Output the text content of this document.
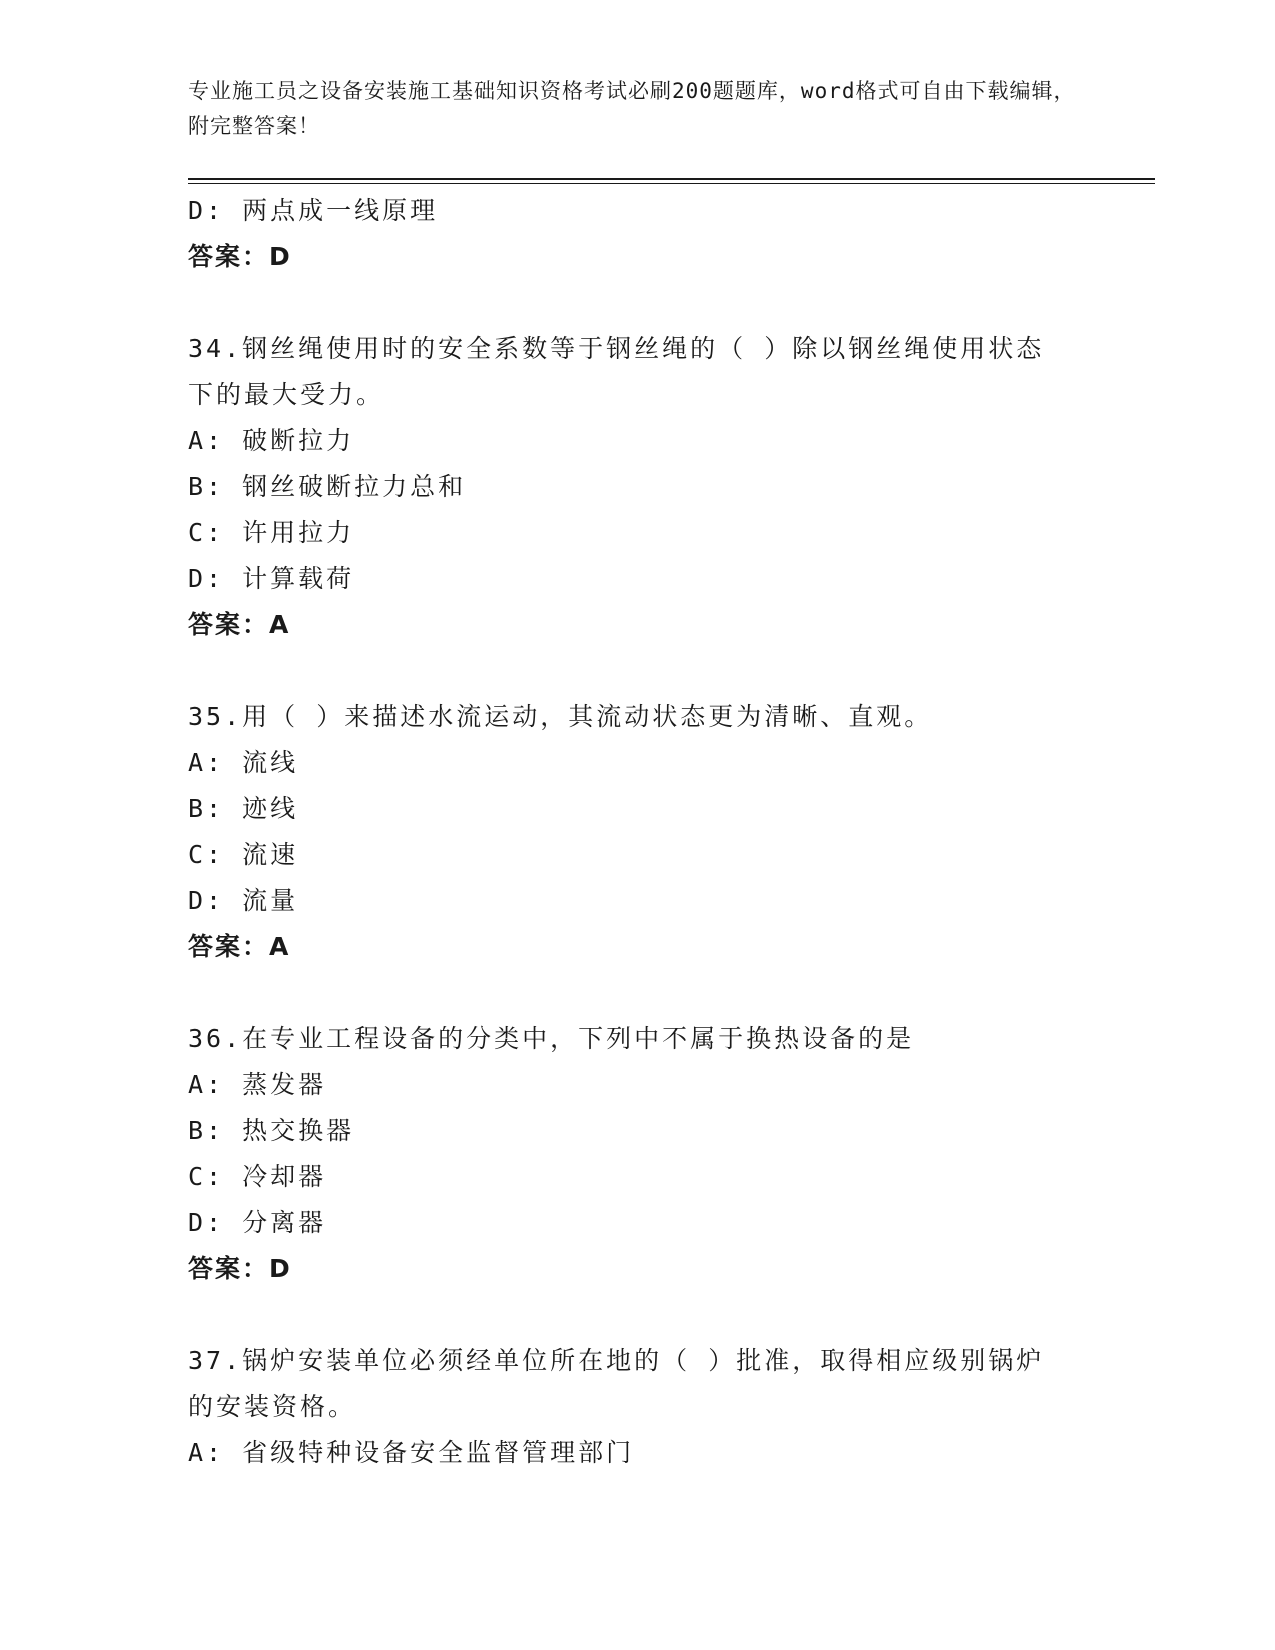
专业施工员之设备安装施工基础知识资格考试必刷200题题库，word格式可自由下载编辑，附完整答案！
D: 两点成一线原理
答案：D
34.钢丝绳使用时的安全系数等于钢丝绳的（ ）除以钢丝绳使用状态
下的最大受力。
A: 破断拉力
B: 钢丝破断拉力总和
C: 许用拉力
D: 计算载荷
答案：A
35.用（ ）来描述水流运动，其流动状态更为清晰、直观。
A: 流线
B: 迹线
C: 流速
D: 流量
答案：A
36.在专业工程设备的分类中，下列中不属于换热设备的是
A: 蒸发器
B: 热交换器
C: 冷却器
D: 分离器
答案：D
37.锅炉安装单位必须经单位所在地的（ ）批准，取得相应级别锅炉
的安装资格。
A: 省级特种设备安全监督管理部门
